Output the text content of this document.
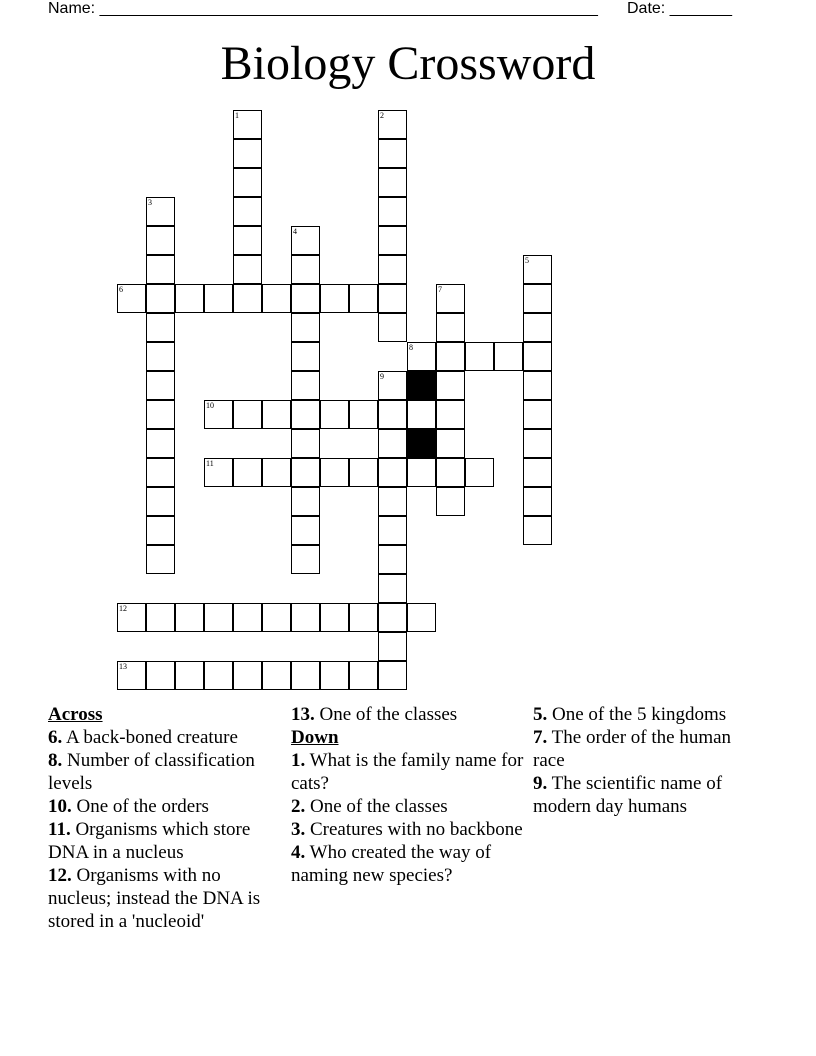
Name: ________________________________________________________ Date: _______
Biology Crossword
1	2
3
4
5
6	7
8
9
10
11
12
13
Across

6. A back-boned creature

8. Number of classification levels

10. One of the orders

11. Organisms which store DNA in a nucleus

12. Organisms with no nucleus; instead the DNA is stored in a 'nucleoid'

13. One of the classes

Down

1. What is the family name for cats?

2. One of the classes

3. Creatures with no backbone

4. Who created the way of naming new species?

5. One of the 5 kingdoms

7. The order of the human race

9. The scientific name of modern day humans
